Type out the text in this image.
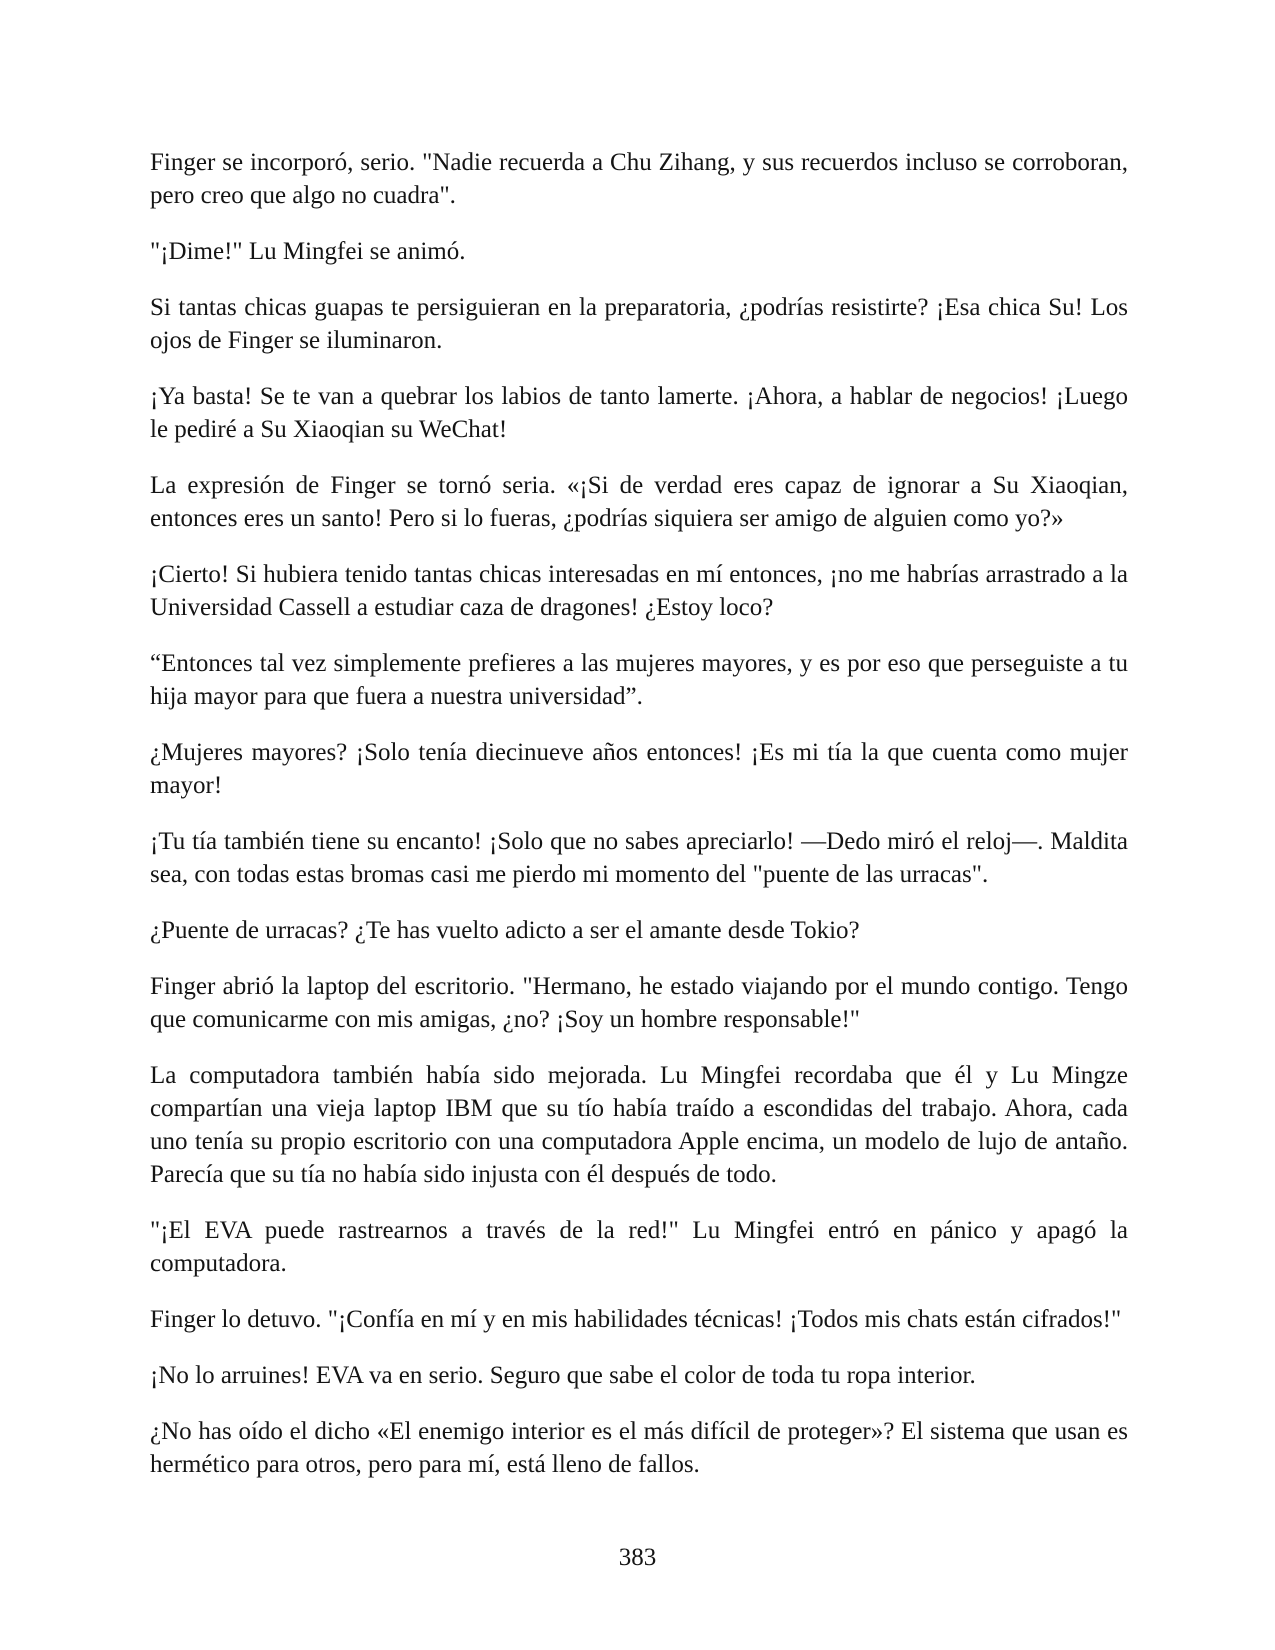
Finger se incorporó, serio. "Nadie recuerda a Chu Zihang, y sus recuerdos incluso se corroboran, pero creo que algo no cuadra".

"¡Dime!" Lu Mingfei se animó.

Si tantas chicas guapas te persiguieran en la preparatoria, ¿podrías resistirte? ¡Esa chica Su! Los ojos de Finger se iluminaron.

¡Ya basta! Se te van a quebrar los labios de tanto lamerte. ¡Ahora, a hablar de negocios! ¡Luego le pediré a Su Xiaoqian su WeChat!

La expresión de Finger se tornó seria. «¡Si de verdad eres capaz de ignorar a Su Xiaoqian, entonces eres un santo! Pero si lo fueras, ¿podrías siquiera ser amigo de alguien como yo?»

¡Cierto! Si hubiera tenido tantas chicas interesadas en mí entonces, ¡no me habrías arrastrado a la Universidad Cassell a estudiar caza de dragones! ¿Estoy loco?

“Entonces tal vez simplemente prefieres a las mujeres mayores, y es por eso que perseguiste a tu hija mayor para que fuera a nuestra universidad”.

¿Mujeres mayores? ¡Solo tenía diecinueve años entonces! ¡Es mi tía la que cuenta como mujer mayor!

¡Tu tía también tiene su encanto! ¡Solo que no sabes apreciarlo! —Dedo miró el reloj—. Maldita sea, con todas estas bromas casi me pierdo mi momento del "puente de las urracas".

¿Puente de urracas? ¿Te has vuelto adicto a ser el amante desde Tokio?

Finger abrió la laptop del escritorio. "Hermano, he estado viajando por el mundo contigo. Tengo que comunicarme con mis amigas, ¿no? ¡Soy un hombre responsable!"

La computadora también había sido mejorada. Lu Mingfei recordaba que él y Lu Mingze compartían una vieja laptop IBM que su tío había traído a escondidas del trabajo. Ahora, cada uno tenía su propio escritorio con una computadora Apple encima, un modelo de lujo de antaño. Parecía que su tía no había sido injusta con él después de todo.

"¡El EVA puede rastrearnos a través de la red!" Lu Mingfei entró en pánico y apagó la computadora.

Finger lo detuvo. "¡Confía en mí y en mis habilidades técnicas! ¡Todos mis chats están cifrados!"

¡No lo arruines! EVA va en serio. Seguro que sabe el color de toda tu ropa interior.

¿No has oído el dicho «El enemigo interior es el más difícil de proteger»? El sistema que usan es hermético para otros, pero para mí, está lleno de fallos.

383
